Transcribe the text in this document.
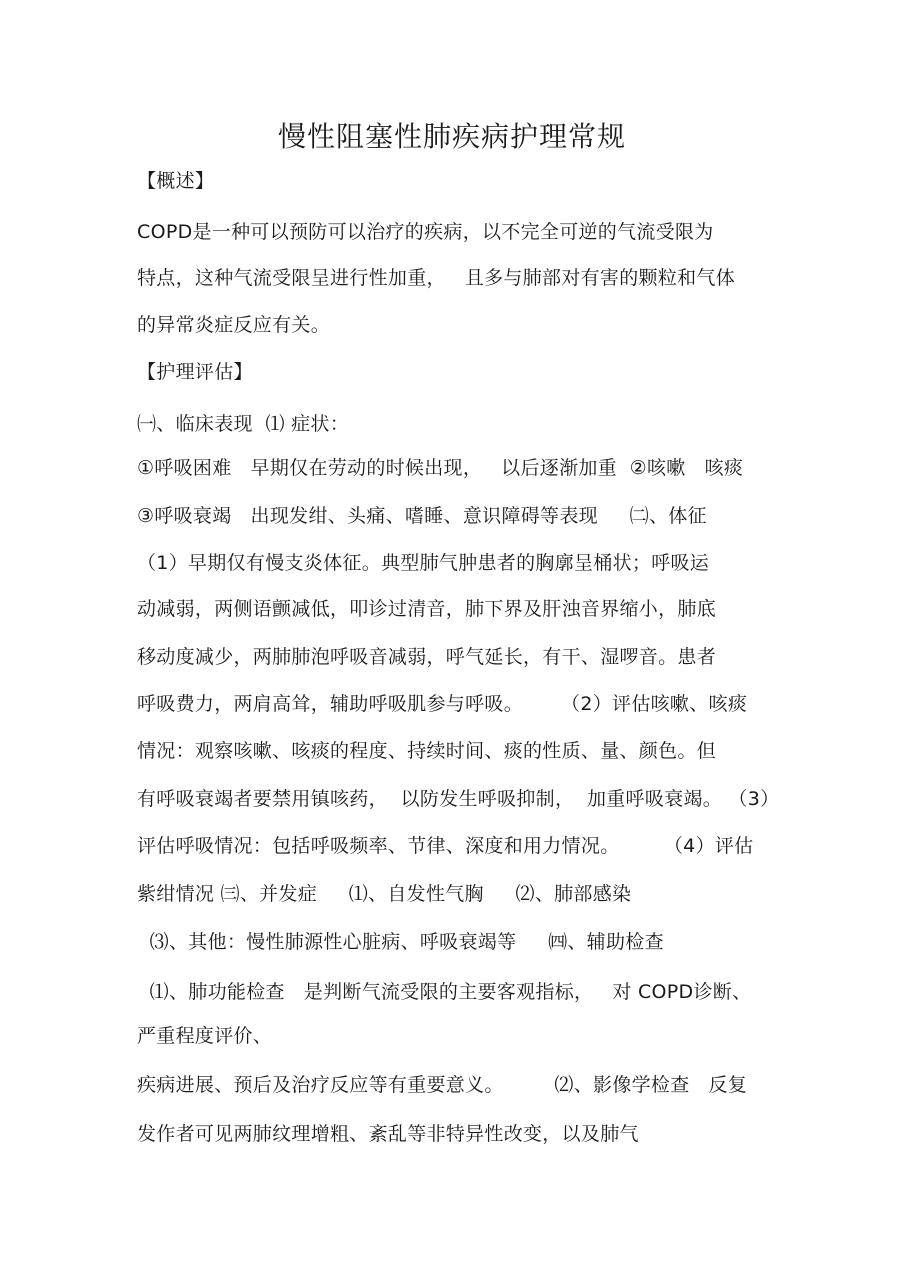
慢性阻塞性肺疾病护理常规
【概述】
COPD是一种可以预防可以治疗的疾病，以不完全可逆的气流受限为
特点，这种气流受限呈进行性加重，   且多与肺部对有害的颗粒和气体
的异常炎症反应有关。
【护理评估】
㈠、临床表现  ⑴ 症状：
①呼吸困难   早期仅在劳动的时候出现，   以后逐渐加重  ②咳嗽   咳痰
③呼吸衰竭   出现发绀、头痛、嗜睡、意识障碍等表现     ㈡、体征
（1）早期仅有慢支炎体征。典型肺气肿患者的胸廓呈桶状；呼吸运
动减弱，两侧语颤减低，叩诊过清音，肺下界及肝浊音界缩小，肺底
移动度减少，两肺肺泡呼吸音减弱，呼气延长，有干、湿啰音。患者
呼吸费力，两肩高耸，辅助呼吸肌参与呼吸。      （2）评估咳嗽、咳痰
情况：观察咳嗽、咳痰的程度、持续时间、痰的性质、量、颜色。但
有呼吸衰竭者要禁用镇咳药，  以防发生呼吸抑制，  加重呼吸衰竭。 （3）
评估呼吸情况：包括呼吸频率、节律、深度和用力情况。       （4）评估
紫绀情况 ㈢、并发症     ⑴、自发性气胸     ⑵、肺部感染
⑶、其他：慢性肺源性心脏病、呼吸衰竭等     ㈣、辅助检查
⑴、肺功能检查   是判断气流受限的主要客观指标，   对 COPD诊断、
严重程度评价、
疾病进展、预后及治疗反应等有重要意义。        ⑵、影像学检查   反复
发作者可见两肺纹理增粗、紊乱等非特异性改变，以及肺气
